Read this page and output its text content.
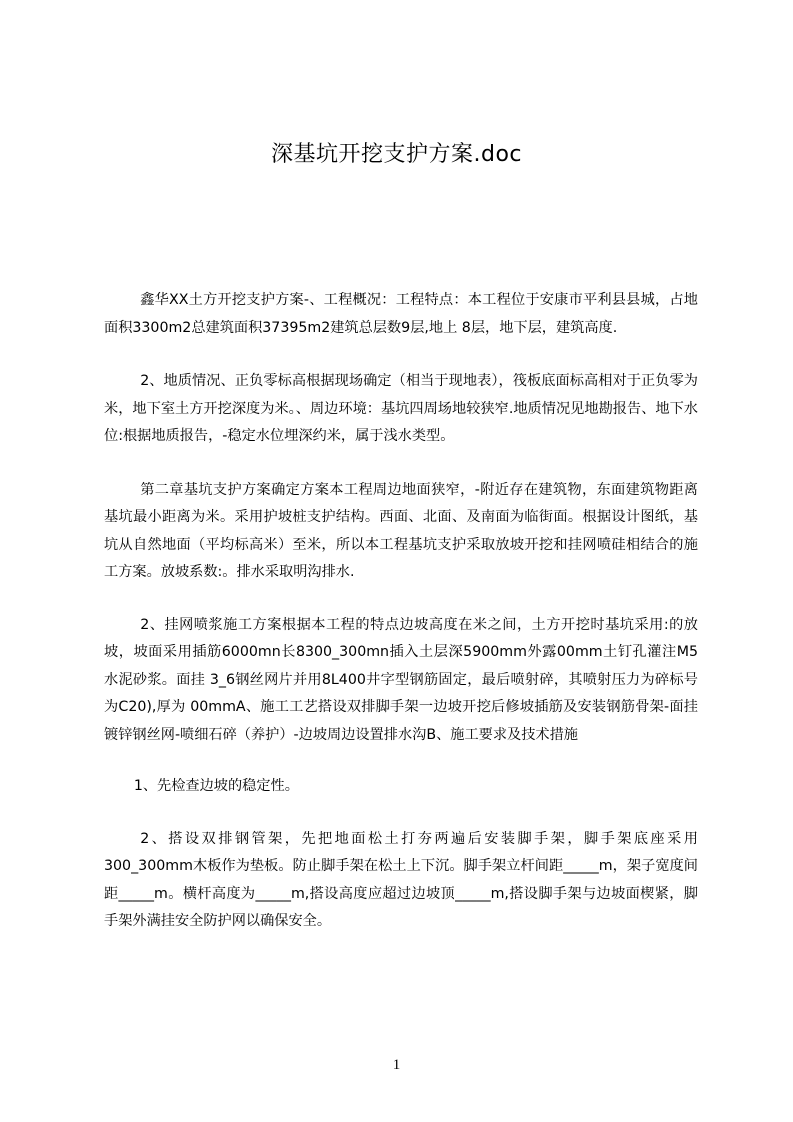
深基坑开挖支护方案.doc

鑫华XX土方开挖支护方案-、工程概况：工程特点：本工程位于安康市平利县县城，占地面积3300m2总建筑面积37395m2建筑总层数9层,地上 8层，地下层，建筑高度.

2、地质情况、正负零标高根据现场确定（相当于现地表），筏板底面标高相对于正负零为米，地下室土方开挖深度为米。、周边环境：基坑四周场地较狭窄.地质情况见地勘报告、地下水位:根据地质报告，-稳定水位埋深约米，属于浅水类型。

第二章基坑支护方案确定方案本工程周边地面狭窄，-附近存在建筑物，东面建筑物距离基坑最小距离为米。采用护坡桩支护结构。西面、北面、及南面为临街面。根据设计图纸，基坑从自然地面（平均标高米）至米，所以本工程基坑支护采取放坡开挖和挂网喷硅相结合的施工方案。放坡系数:。排水采取明沟排水.

2、挂网喷浆施工方案根据本工程的特点边坡高度在米之间，土方开挖时基坑采用:的放坡，坡面采用插筋6000mn长8300_300mn插入土层深5900mm外露00mm土钉孔灌注M5水泥砂浆。面挂 3_6钢丝网片并用8L400井字型钢筋固定，最后喷射碎，其喷射压力为碎标号为C20),厚为 00mmA、施工工艺搭设双排脚手架一边坡开挖后修坡插筋及安装钢筋骨架-面挂镀锌钢丝网-喷细石碎（养护）-边坡周边设置排水沟B、施工要求及技术措施

1、先检查边坡的稳定性。

2、搭设双排钢管架，先把地面松土打夯两遍后安装脚手架，脚手架底座采用300_300mm木板作为垫板。防止脚手架在松土上下沉。脚手架立杆间距_____m，架子宽度间距_____m。横杆高度为_____m,搭设高度应超过边坡顶_____m,搭设脚手架与边坡面楔紧，脚手架外满挂安全防护网以确保安全。

1
